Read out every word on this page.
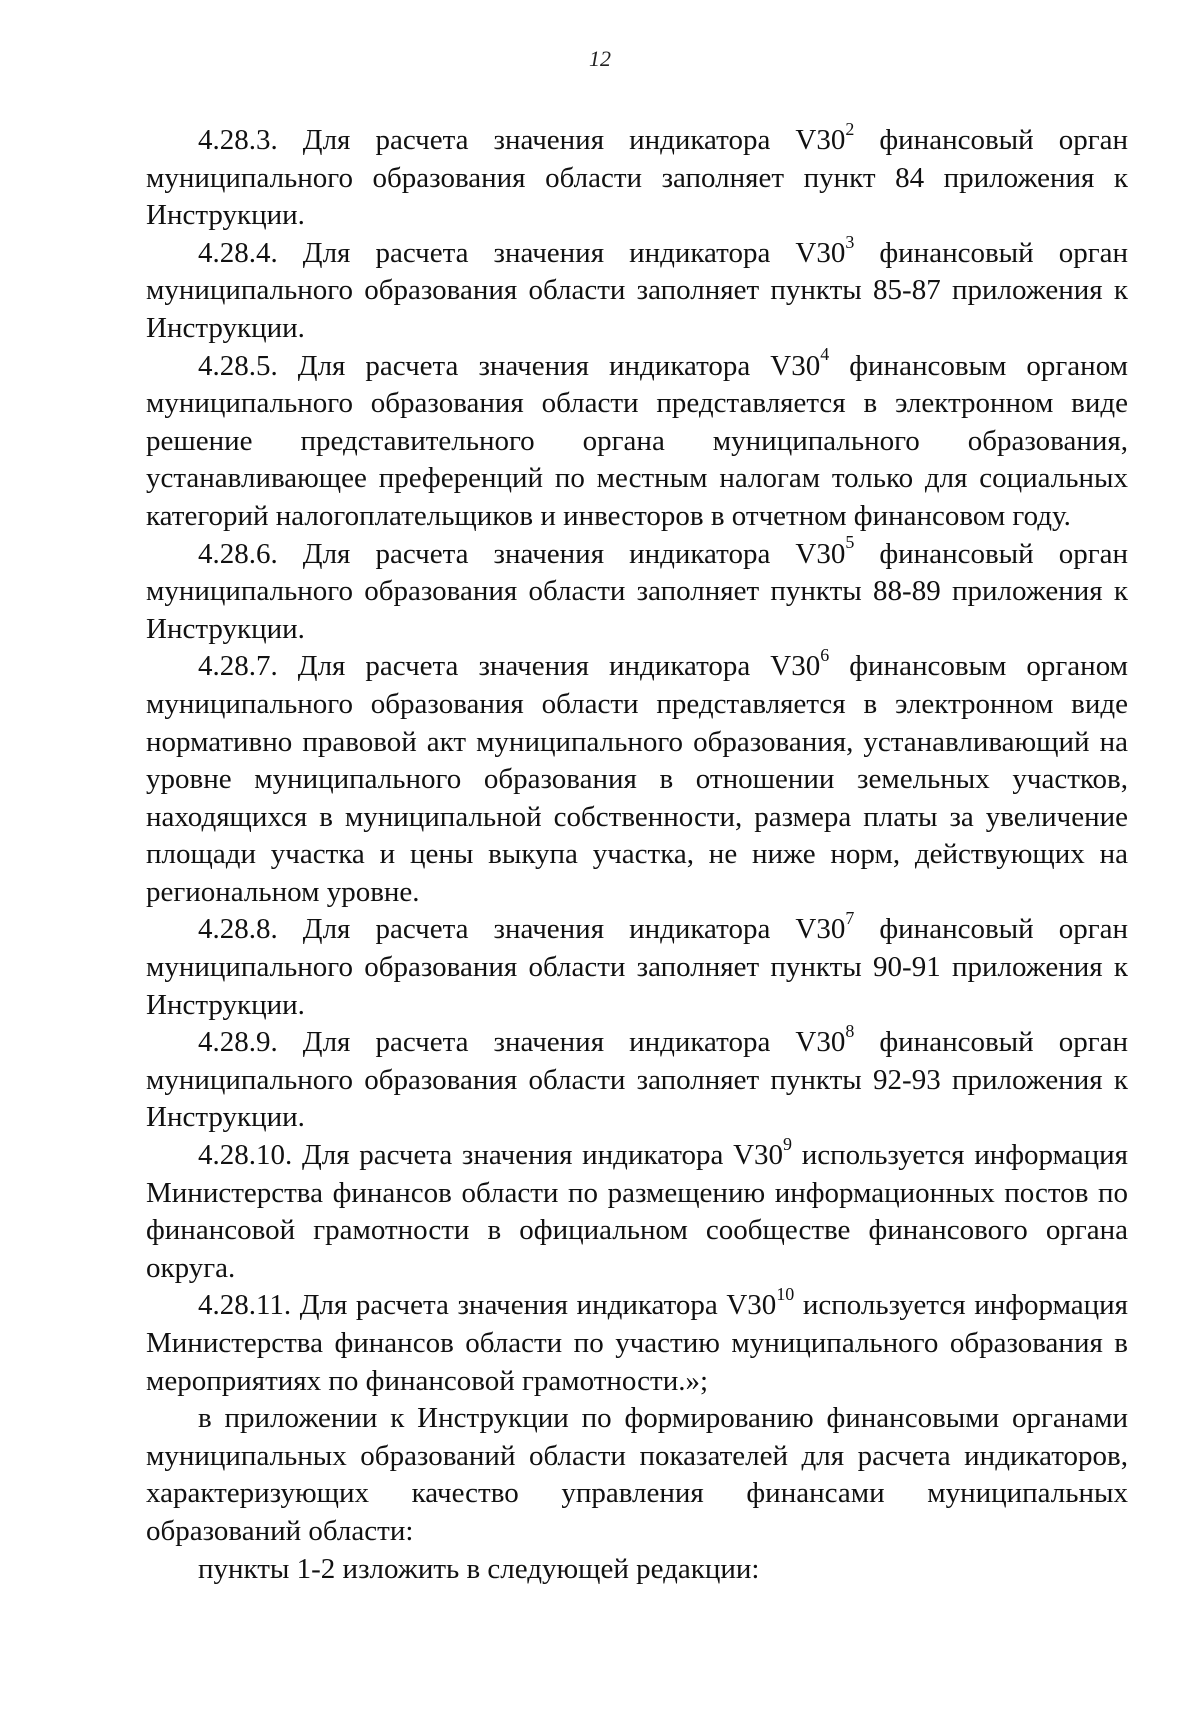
12

4.28.3. Для расчета значения индикатора $V30^2$ финансовый орган муниципального образования области заполняет пункт 84 приложения к Инструкции.

4.28.4. Для расчета значения индикатора $V30^3$ финансовый орган муниципального образования области заполняет пункты 85-87 приложения к Инструкции.

4.28.5. Для расчета значения индикатора $V30^4$ финансовым органом муниципального образования области представляется в электронном виде решение представительного органа муниципального образования, устанавливающее преференций по местным налогам только для социальных категорий налогоплательщиков и инвесторов в отчетном финансовом году.

4.28.6. Для расчета значения индикатора $V30^5$ финансовый орган муниципального образования области заполняет пункты 88-89 приложения к Инструкции.

4.28.7. Для расчета значения индикатора $V30^6$ финансовым органом муниципального образования области представляется в электронном виде нормативно правовой акт муниципального образования, устанавливающий на уровне муниципального образования в отношении земельных участков, находящихся в муниципальной собственности, размера платы за увеличение площади участка и цены выкупа участка, не ниже норм, действующих на региональном уровне.

4.28.8. Для расчета значения индикатора $V30^7$ финансовый орган муниципального образования области заполняет пункты 90-91 приложения к Инструкции.

4.28.9. Для расчета значения индикатора $V30^8$ финансовый орган муниципального образования области заполняет пункты 92-93 приложения к Инструкции.

4.28.10. Для расчета значения индикатора $V30^9$ используется информация Министерства финансов области по размещению информационных постов по финансовой грамотности в официальном сообществе финансового органа округа.

4.28.11. Для расчета значения индикатора $V30^{10}$ используется информация Министерства финансов области по участию муниципального образования в мероприятиях по финансовой грамотности.»;

в приложении к Инструкции по формированию финансовыми органами муниципальных образований области показателей для расчета индикаторов, характеризующих качество управления финансами муниципальных образований области:

пункты 1-2 изложить в следующей редакции:
